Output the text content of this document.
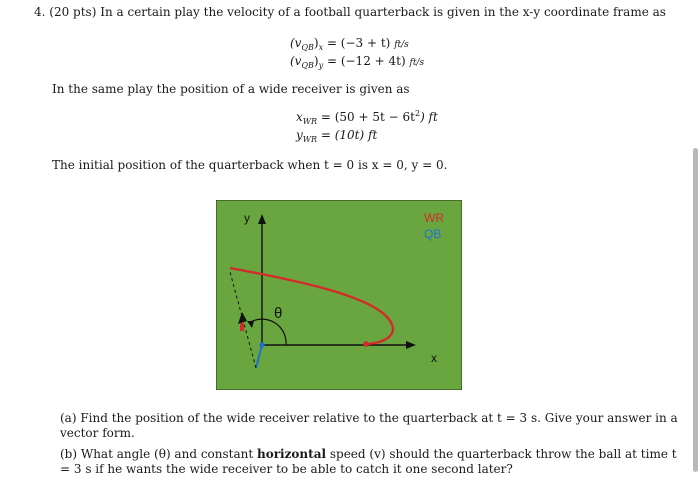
4. (20 pts) In a certain play the velocity of a football quarterback is given in the x-y coordinate frame as
$(v_{QB})_x = (-3 + t)$ ft/s
$(v_{QB})_y = (-12 + 4t)$ ft/s
In the same play the position of a wide receiver is given as
$x_{WR} = (50 + 5t - 6t^2)$ ft
$y_{WR} = (10t)$ ft
The initial position of the quarterback when t = 0 is x = 0, y = 0.
y
x
θ
WR
QB
(a) Find the position of the wide receiver relative to the quarterback at t = 3 s. Give your answer in a vector form.
(b) What angle (θ) and constant horizontal speed (v) should the quarterback throw the ball at time t = 3 s if he wants the wide receiver to be able to catch it one second later?
